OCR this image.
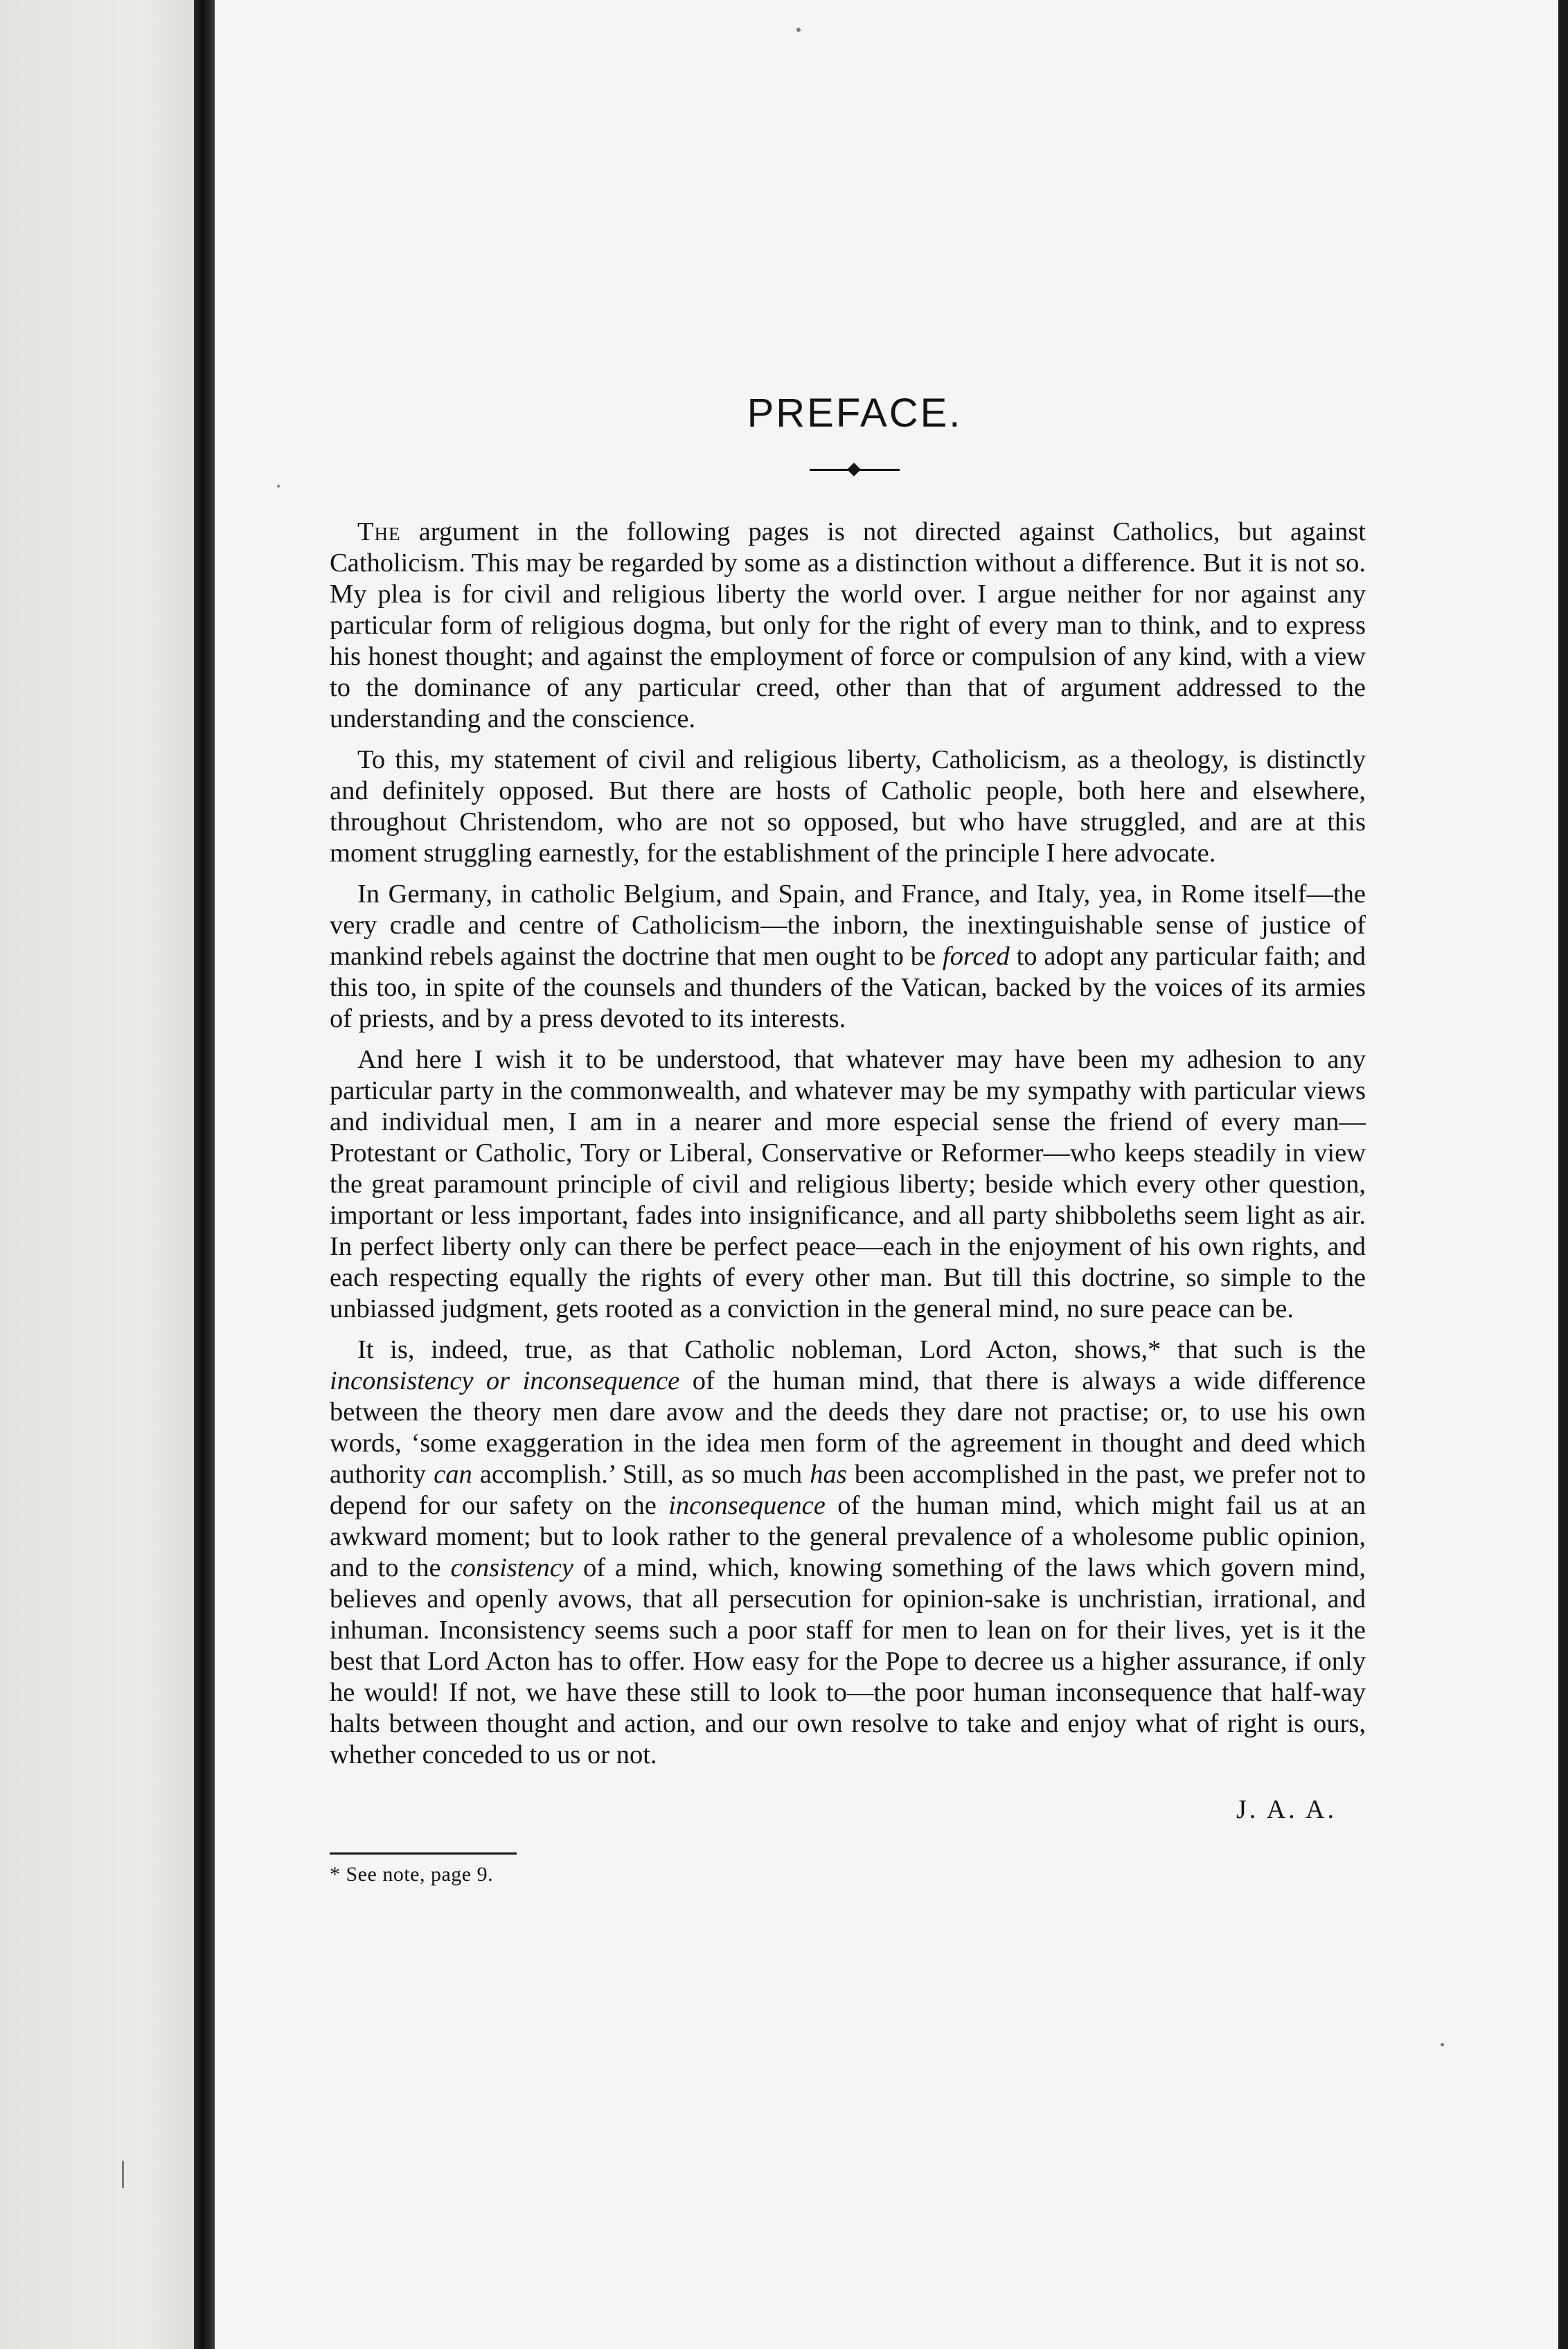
PREFACE.

The argument in the following pages is not directed against Catholics, but against Catholicism. This may be regarded by some as a distinction without a difference. But it is not so. My plea is for civil and religious liberty the world over. I argue neither for nor against any particular form of religious dogma, but only for the right of every man to think, and to express his honest thought; and against the employment of force or compulsion of any kind, with a view to the dominance of any particular creed, other than that of argument addressed to the understanding and the conscience.

To this, my statement of civil and religious liberty, Catholicism, as a theology, is distinctly and definitely opposed. But there are hosts of Catholic people, both here and elsewhere, throughout Christendom, who are not so opposed, but who have struggled, and are at this moment struggling earnestly, for the establishment of the principle I here advocate.

In Germany, in catholic Belgium, and Spain, and France, and Italy, yea, in Rome itself—the very cradle and centre of Catholicism—the inborn, the inextinguishable sense of justice of mankind rebels against the doctrine that men ought to be forced to adopt any particular faith; and this too, in spite of the counsels and thunders of the Vatican, backed by the voices of its armies of priests, and by a press devoted to its interests.

And here I wish it to be understood, that whatever may have been my adhesion to any particular party in the commonwealth, and whatever may be my sympathy with particular views and individual men, I am in a nearer and more especial sense the friend of every man—Protestant or Catholic, Tory or Liberal, Conservative or Reformer—who keeps steadily in view the great paramount principle of civil and religious liberty; beside which every other question, important or less important, fades into insignificance, and all party shibboleths seem light as air. In perfect liberty only can there be perfect peace—each in the enjoyment of his own rights, and each respecting equally the rights of every other man. But till this doctrine, so simple to the unbiassed judgment, gets rooted as a conviction in the general mind, no sure peace can be.

It is, indeed, true, as that Catholic nobleman, Lord Acton, shows,* that such is the inconsistency or inconsequence of the human mind, that there is always a wide difference between the theory men dare avow and the deeds they dare not practise; or, to use his own words, ‘some exaggeration in the idea men form of the agreement in thought and deed which authority can accomplish.’ Still, as so much has been accomplished in the past, we prefer not to depend for our safety on the inconsequence of the human mind, which might fail us at an awkward moment; but to look rather to the general prevalence of a wholesome public opinion, and to the consistency of a mind, which, knowing something of the laws which govern mind, believes and openly avows, that all persecution for opinion-sake is unchristian, irrational, and inhuman. Inconsistency seems such a poor staff for men to lean on for their lives, yet is it the best that Lord Acton has to offer. How easy for the Pope to decree us a higher assurance, if only he would! If not, we have these still to look to—the poor human inconsequence that half-way halts between thought and action, and our own resolve to take and enjoy what of right is ours, whether conceded to us or not.

J. A. A.
* See note, page 9.
